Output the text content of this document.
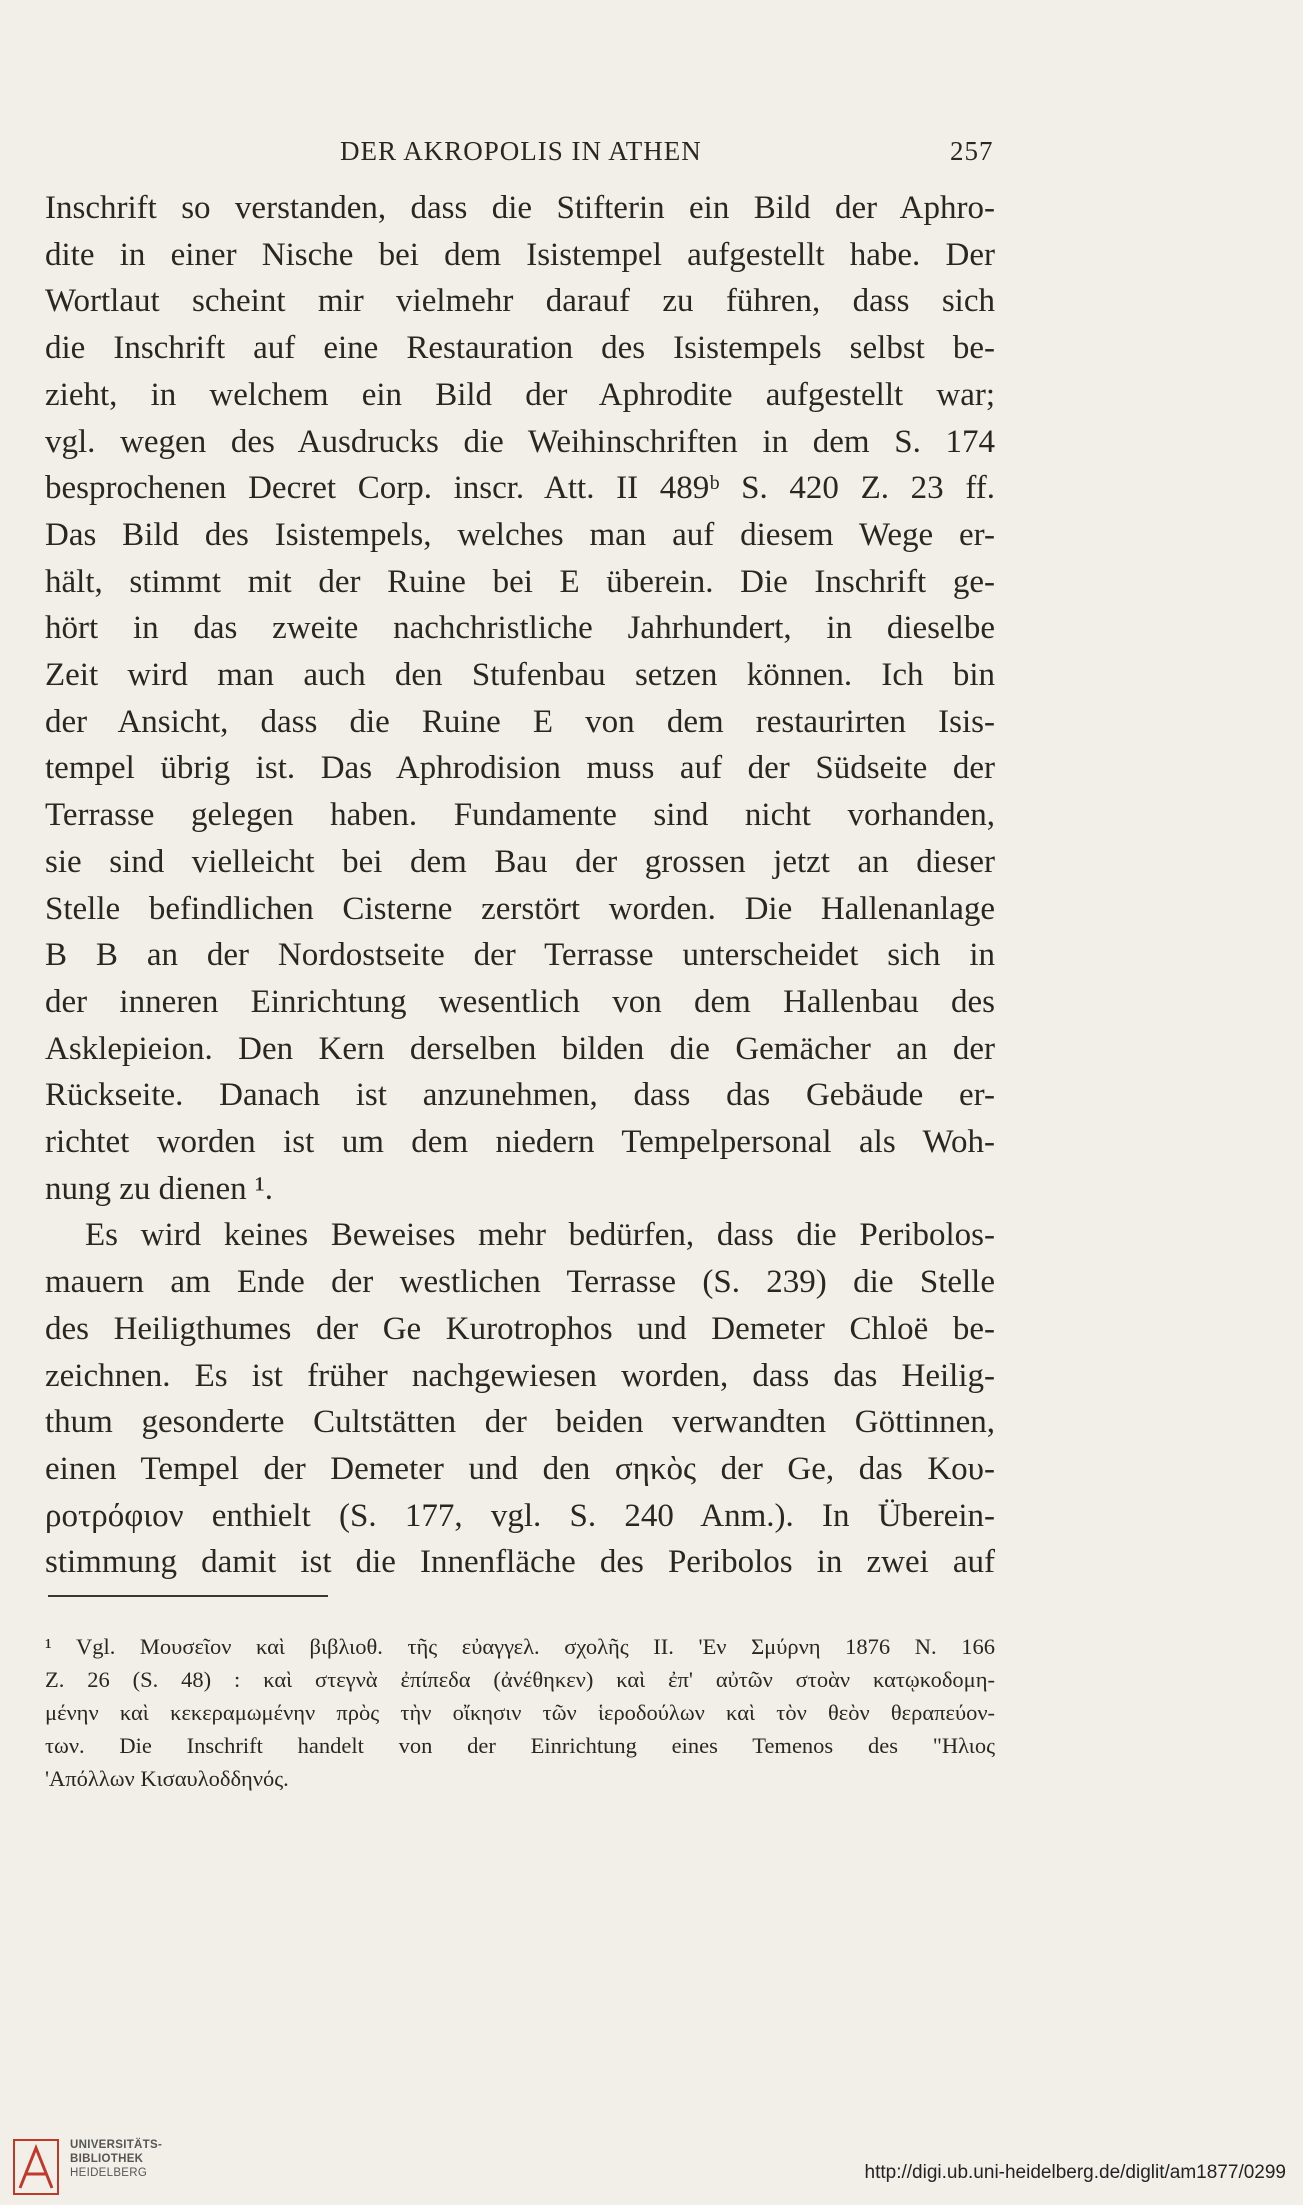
DER AKROPOLIS IN ATHEN	257
Inschrift so verstanden, dass die Stifterin ein Bild der Aphro-
dite in einer Nische bei dem Isistempel aufgestellt habe. Der
Wortlaut scheint mir vielmehr darauf zu führen, dass sich
die Inschrift auf eine Restauration des Isistempels selbst be-
zieht, in welchem ein Bild der Aphrodite aufgestellt war;
vgl. wegen des Ausdrucks die Weihinschriften in dem S. 174
besprochenen Decret Corp. inscr. Att. II 489ᵇ S. 420 Z. 23 ff.
Das Bild des Isistempels, welches man auf diesem Wege er-
hält, stimmt mit der Ruine bei E überein. Die Inschrift ge-
hört in das zweite nachchristliche Jahrhundert, in dieselbe
Zeit wird man auch den Stufenbau setzen können. Ich bin
der Ansicht, dass die Ruine E von dem restaurirten Isis-
tempel übrig ist. Das Aphrodision muss auf der Südseite der
Terrasse gelegen haben. Fundamente sind nicht vorhanden,
sie sind vielleicht bei dem Bau der grossen jetzt an dieser
Stelle befindlichen Cisterne zerstört worden. Die Hallenanlage
B B an der Nordostseite der Terrasse unterscheidet sich in
der inneren Einrichtung wesentlich von dem Hallenbau des
Asklepieion. Den Kern derselben bilden die Gemächer an der
Rückseite. Danach ist anzunehmen, dass das Gebäude er-
richtet worden ist um dem niedern Tempelpersonal als Woh-
nung zu dienen ¹.
Es wird keines Beweises mehr bedürfen, dass die Peribolos-
mauern am Ende der westlichen Terrasse (S. 239) die Stelle
des Heiligthumes der Ge Kurotrophos und Demeter Chloë be-
zeichnen. Es ist früher nachgewiesen worden, dass das Heilig-
thum gesonderte Cultstätten der beiden verwandten Göttinnen,
einen Tempel der Demeter und den σηκὸς der Ge, das Κου-
ροτρόφιον enthielt (S. 177, vgl. S. 240 Anm.). In Überein-
stimmung damit ist die Innenfläche des Peribolos in zwei auf
¹ Vgl. Μουσεῖον καὶ βιβλιοθ. τῆς εὐαγγελ. σχολῆς II. 'Εν Σμύρνη 1876 N. 166
Z. 26 (S. 48) : καὶ στεγνὰ ἐπίπεδα (ἀνέθηκεν) καὶ ἐπ' αὐτῶν στοὰν κατῳκοδομη-
μένην καὶ κεκεραμωμένην πρὸς τὴν οἴκησιν τῶν ἱεροδούλων καὶ τὸν θεὸν θεραπεύον-
των. Die Inschrift handelt von der Einrichtung eines Temenos des "Ηλιος
'Απόλλων Κισαυλοδδηνός.
UNIVERSITÄTS-
BIBLIOTHEK
HEIDELBERG	http://digi.ub.uni-heidelberg.de/diglit/am1877/0299
